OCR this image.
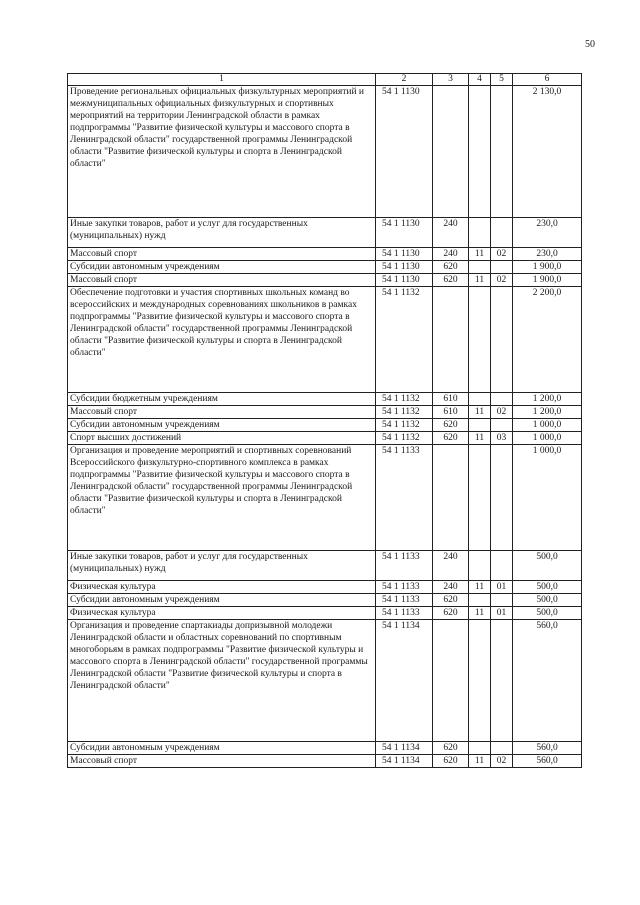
50
1	2	3	4	5	6
Проведение региональных официальных физкультурных мероприятий и межмуниципальных официальных физкультурных и спортивных мероприятий на территории Ленинградской области в рамках подпрограммы "Развитие физической культуры и массового спорта в Ленинградской области" государственной программы Ленинградской области "Развитие физической культуры и спорта в Ленинградской области"	54 1 1130				2 130,0
Иные закупки товаров, работ и услуг для государственных (муниципальных) нужд	54 1 1130	240			230,0
Массовый спорт	54 1 1130	240	11	02	230,0
Субсидии автономным учреждениям	54 1 1130	620			1 900,0
Массовый спорт	54 1 1130	620	11	02	1 900,0
Обеспечение подготовки и участия спортивных школьных команд во всероссийских и международных соревнованиях школьников в рамках подпрограммы "Развитие физической культуры и массового спорта в Ленинградской области" государственной программы Ленинградской области "Развитие физической культуры и спорта в Ленинградской области"	54 1 1132				2 200,0
Субсидии бюджетным учреждениям	54 1 1132	610			1 200,0
Массовый спорт	54 1 1132	610	11	02	1 200,0
Субсидии автономным учреждениям	54 1 1132	620			1 000,0
Спорт высших достижений	54 1 1132	620	11	03	1 000,0
Организация и проведение мероприятий и спортивных соревнований Всероссийского физкультурно-спортивного комплекса в рамках подпрограммы "Развитие физической культуры и массового спорта в Ленинградской области" государственной программы Ленинградской области "Развитие физической культуры и спорта в Ленинградской области"	54 1 1133				1 000,0
Иные закупки товаров, работ и услуг для государственных (муниципальных) нужд	54 1 1133	240			500,0
Физическая культура	54 1 1133	240	11	01	500,0
Субсидии автономным учреждениям	54 1 1133	620			500,0
Физическая культура	54 1 1133	620	11	01	500,0
Организация и проведение спартакиады допризывной молодежи Ленинградской области и областных соревнований по спортивным многоборьям в рамках подпрограммы "Развитие физической культуры и массового спорта в Ленинградской области" государственной программы Ленинградской области "Развитие физической культуры и спорта в Ленинградской области"	54 1 1134				560,0
Субсидии автономным учреждениям	54 1 1134	620			560,0
Массовый спорт	54 1 1134	620	11	02	560,0
